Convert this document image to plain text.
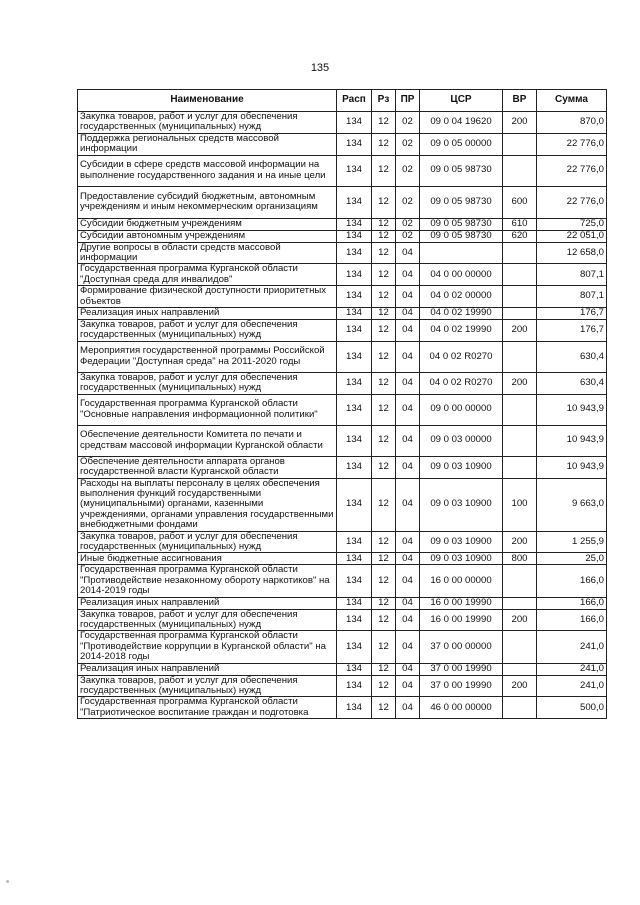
135
Наименование	Расп	Рз	ПР	ЦСР	ВР	Сумма
Закупка товаров, работ и услуг для обеспечения государственных (муниципальных) нужд	134	12	02	09 0 04 19620	200	870,0
Поддержка региональных средств массовой информации	134	12	02	09 0 05 00000		22 776,0
Субсидии в сфере средств массовой информации на выполнение государственного задания и на иные цели	134	12	02	09 0 05 98730		22 776,0
Предоставление субсидий бюджетным, автономным учреждениям и иным некоммерческим организациям	134	12	02	09 0 05 98730	600	22 776,0
Субсидии бюджетным учреждениям	134	12	02	09 0 05 98730	610	725,0
Субсидии автономным учреждениям	134	12	02	09 0 05 98730	620	22 051,0
Другие вопросы в области средств массовой информации	134	12	04			12 658,0
Государственная программа Курганской области "Доступная среда для инвалидов"	134	12	04	04 0 00 00000		807,1
Формирование физической доступности приоритетных объектов	134	12	04	04 0 02 00000		807,1
Реализация иных направлений	134	12	04	04 0 02 19990		176,7
Закупка товаров, работ и услуг для обеспечения государственных (муниципальных) нужд	134	12	04	04 0 02 19990	200	176,7
Мероприятия государственной программы Российской Федерации "Доступная среда" на 2011-2020 годы	134	12	04	04 0 02 R0270		630,4
Закупка товаров, работ и услуг для обеспечения государственных (муниципальных) нужд	134	12	04	04 0 02 R0270	200	630,4
Государственная программа Курганской области "Основные направления информационной политики"	134	12	04	09 0 00 00000		10 943,9
Обеспечение деятельности Комитета по печати и средствам массовой информации Курганской области	134	12	04	09 0 03 00000		10 943,9
Обеспечение деятельности аппарата органов государственной власти Курганской области	134	12	04	09 0 03 10900		10 943,9
Расходы на выплаты персоналу в целях обеспечения выполнения функций государственными (муниципальными) органами, казенными учреждениями, органами управления государственными внебюджетными фондами	134	12	04	09 0 03 10900	100	9 663,0
Закупка товаров, работ и услуг для обеспечения государственных (муниципальных) нужд	134	12	04	09 0 03 10900	200	1 255,9
Иные бюджетные ассигнования	134	12	04	09 0 03 10900	800	25,0
Государственная программа Курганской области "Противодействие незаконному обороту наркотиков" на 2014-2019 годы	134	12	04	16 0 00 00000		166,0
Реализация иных направлений	134	12	04	16 0 00 19990		166,0
Закупка товаров, работ и услуг для обеспечения государственных (муниципальных) нужд	134	12	04	16 0 00 19990	200	166,0
Государственная программа Курганской области "Противодействие коррупции в Курганской области" на 2014-2018 годы	134	12	04	37 0 00 00000		241,0
Реализация иных направлений	134	12	04	37 0 00 19990		241,0
Закупка товаров, работ и услуг для обеспечения государственных (муниципальных) нужд	134	12	04	37 0 00 19990	200	241,0
Государственная программа Курганской области "Патриотическое воспитание граждан и подготовка	134	12	04	46 0 00 00000		500,0
